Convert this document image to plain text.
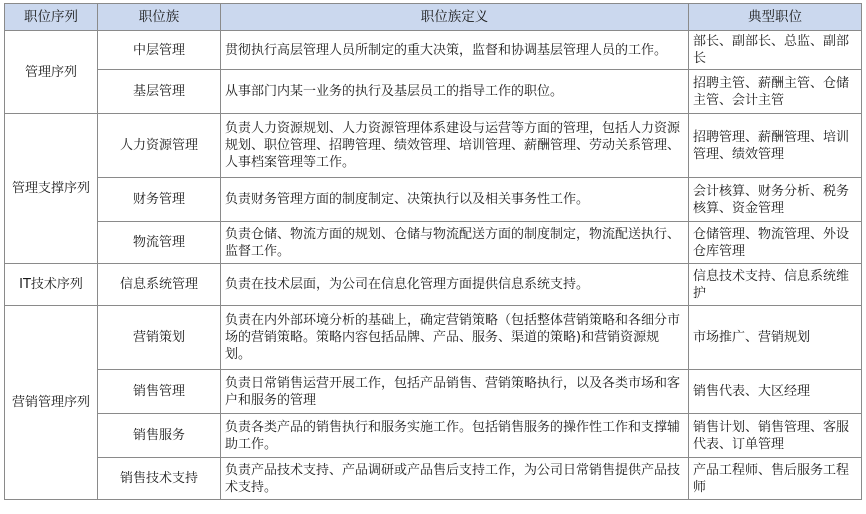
职位序列	职位族	职位族定义	典型职位
管理序列	中层管理	贯彻执行高层管理人员所制定的重大决策，监督和协调基层管理人员的工作。	部长、副部长、总监、副部长
	基层管理	从事部门内某一业务的执行及基层员工的指导工作的职位。	招聘主管、薪酬主管、仓储主管、会计主管
管理支撑序列	人力资源管理	负责人力资源规划、人力资源管理体系建设与运营等方面的管理，包括人力资源规划、职位管理、招聘管理、绩效管理、培训管理、薪酬管理、劳动关系管理、人事档案管理等工作。	招聘管理、薪酬管理、培训管理、绩效管理
	财务管理	负责财务管理方面的制度制定、决策执行以及相关事务性工作。	会计核算、财务分析、税务核算、资金管理
	物流管理	负责仓储、物流方面的规划、仓储与物流配送方面的制度制定，物流配送执行、监督工作。	仓储管理、物流管理、外设仓库管理
IT技术序列	信息系统管理	负责在技术层面，为公司在信息化管理方面提供信息系统支持。	信息技术支持、信息系统维护
营销管理序列	营销策划	负责在内外部环境分析的基础上，确定营销策略（包括整体营销策略和各细分市场的营销策略。策略内容包括品牌、产品、服务、渠道的策略)和营销资源规划。	市场推广、营销规划
	销售管理	负责日常销售运营开展工作，包括产品销售、营销策略执行，以及各类市场和客户和服务的管理	销售代表、大区经理
	销售服务	负责各类产品的销售执行和服务实施工作。包括销售服务的操作性工作和支撑辅助工作。	销售计划、销售管理、客服代表、订单管理
	销售技术支持	负责产品技术支持、产品调研或产品售后支持工作，为公司日常销售提供产品技术支持。	产品工程师、售后服务工程师
